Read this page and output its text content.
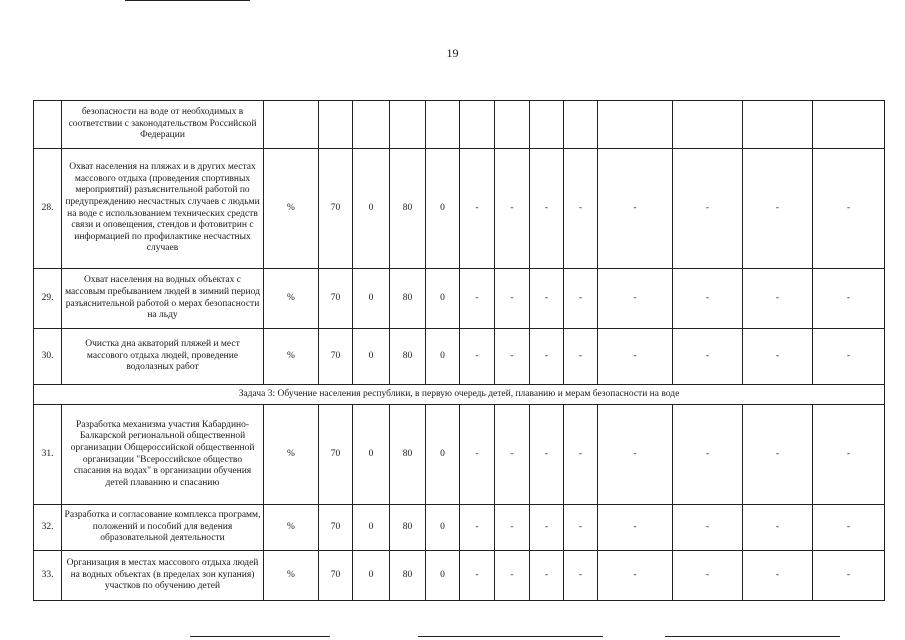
19
	безопасности на воде от необходимых в соответствии с законодательством Российской Федерации													
28.	Охват населения на пляжах и в других местах массового отдыха (проведения спортивных мероприятий) разъяснительной работой по предупреждению несчастных случаев с людьми на воде с использованием технических средств связи и оповещения, стендов и фотовитрин с информацией по профилактике несчастных случаев	%	70	0	80	0	-	-	-	-	-	-	-	-
29.	Охват населения на водных объектах с массовым пребыванием людей в зимний период разъяснительной работой о мерах безопасности на льду	%	70	0	80	0	-	-	-	-	-	-	-	-
30.	Очистка дна акваторий пляжей и мест массового отдыха людей, проведение водолазных работ	%	70	0	80	0	-	-	-	-	-	-	-	-
Задача 3: Обучение населения республики, в первую очередь детей, плаванию и мерам безопасности на воде														
31.	Разработка механизма участия Кабардино-Балкарской региональной общественной организации Общероссийской общественной организации "Всероссийское общество спасания на водах" в организации обучения детей плаванию и спасанию	%	70	0	80	0	-	-	-	-	-	-	-	-
32.	Разработка и согласование комплекса программ, положений и пособий для ведения образовательной деятельности	%	70	0	80	0	-	-	-	-	-	-	-	-
33.	Организация в местах массового отдыха людей на водных объектах (в пределах зон купания) участков по обучению детей	%	70	0	80	0	-	-	-	-	-	-	-	-
